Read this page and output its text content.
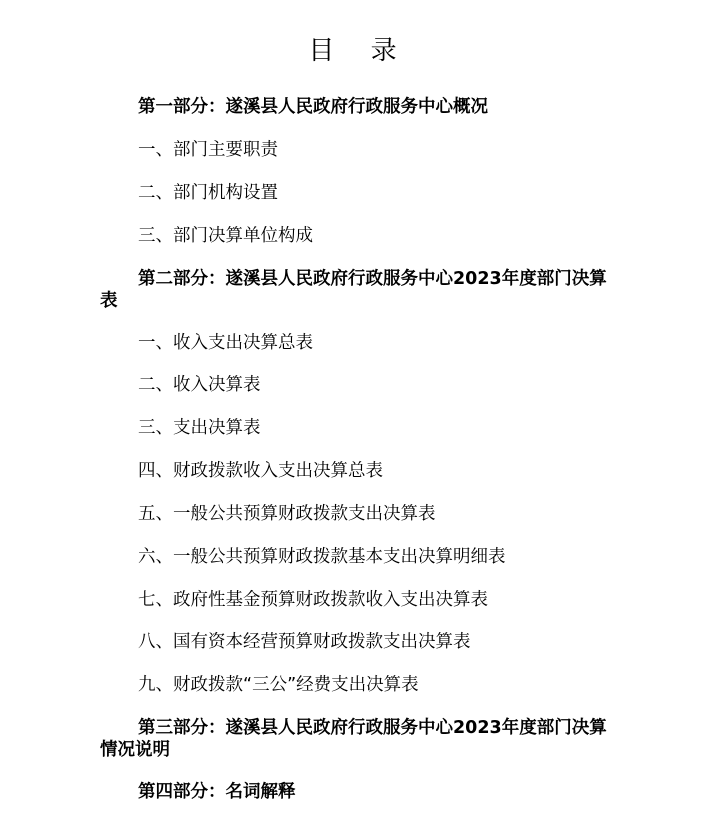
目 录
第一部分：遂溪县人民政府行政服务中心概况
一、部门主要职责
二、部门机构设置
三、部门决算单位构成
第二部分：遂溪县人民政府行政服务中心2023年度部门决算表
一、收入支出决算总表
二、收入决算表
三、支出决算表
四、财政拨款收入支出决算总表
五、一般公共预算财政拨款支出决算表
六、一般公共预算财政拨款基本支出决算明细表
七、政府性基金预算财政拨款收入支出决算表
八、国有资本经营预算财政拨款支出决算表
九、财政拨款“三公”经费支出决算表
第三部分：遂溪县人民政府行政服务中心2023年度部门决算情况说明
第四部分：名词解释
